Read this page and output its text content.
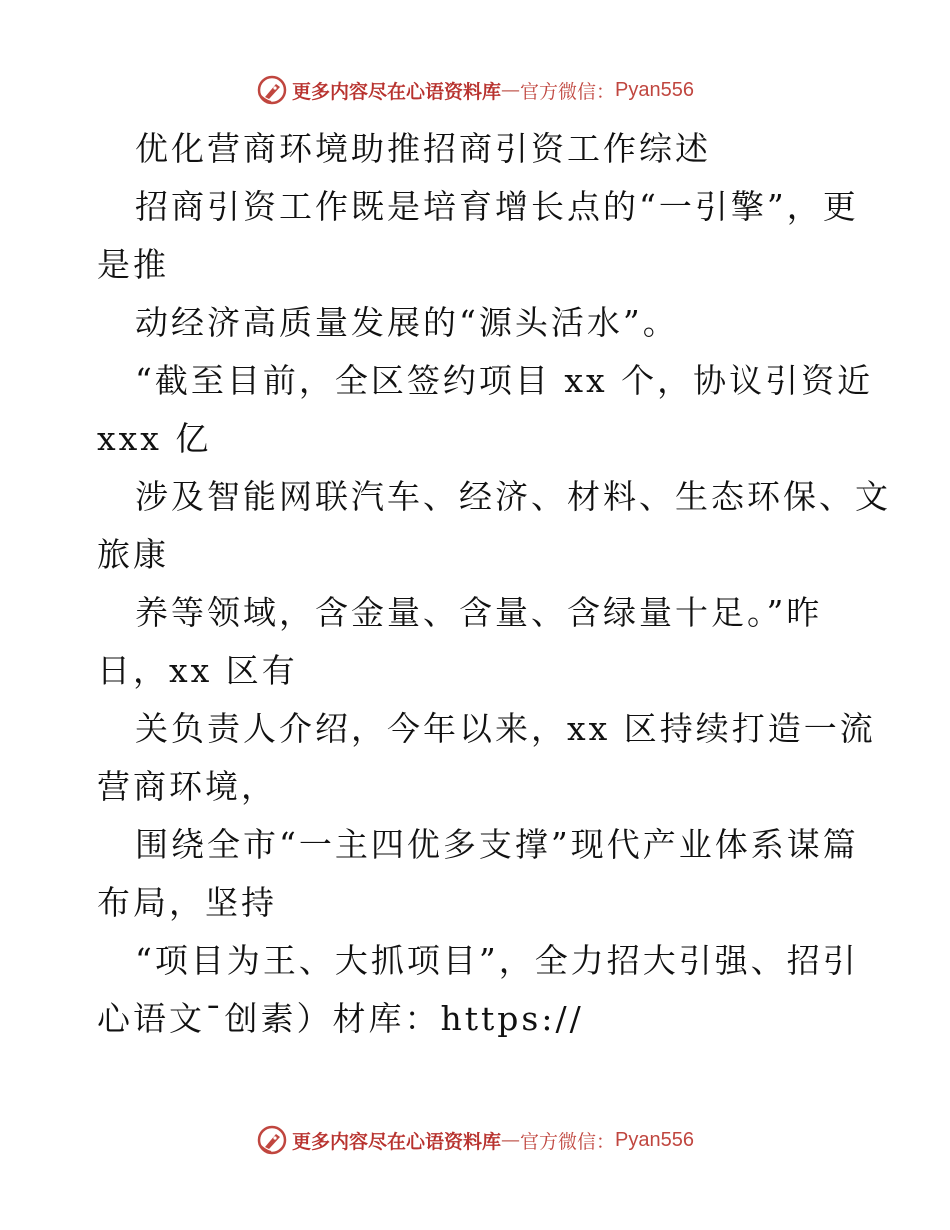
更多内容尽在心语资料库 — 官方微信： Pyan556
优化营商环境助推招商引资工作综述
招商引资工作既是培育增长点的“一引擎”，更
是推
动经济高质量发展的“源头活水”。
“截至目前，全区签约项目 xx 个，协议引资近
xxx 亿
涉及智能网联汽车、经济、材料、生态环保、文
旅康
养等领域，含金量、含量、含绿量十足。”昨
日，xx 区有
关负责人介绍，今年以来，xx 区持续打造一流
营商环境，
围绕全市“一主四优多支撑”现代产业体系谋篇
布局，坚持
“项目为王、大抓项目”，全力招大引强、招引
心语文¯创素）材库：https://
更多内容尽在心语资料库 — 官方微信： Pyan556
